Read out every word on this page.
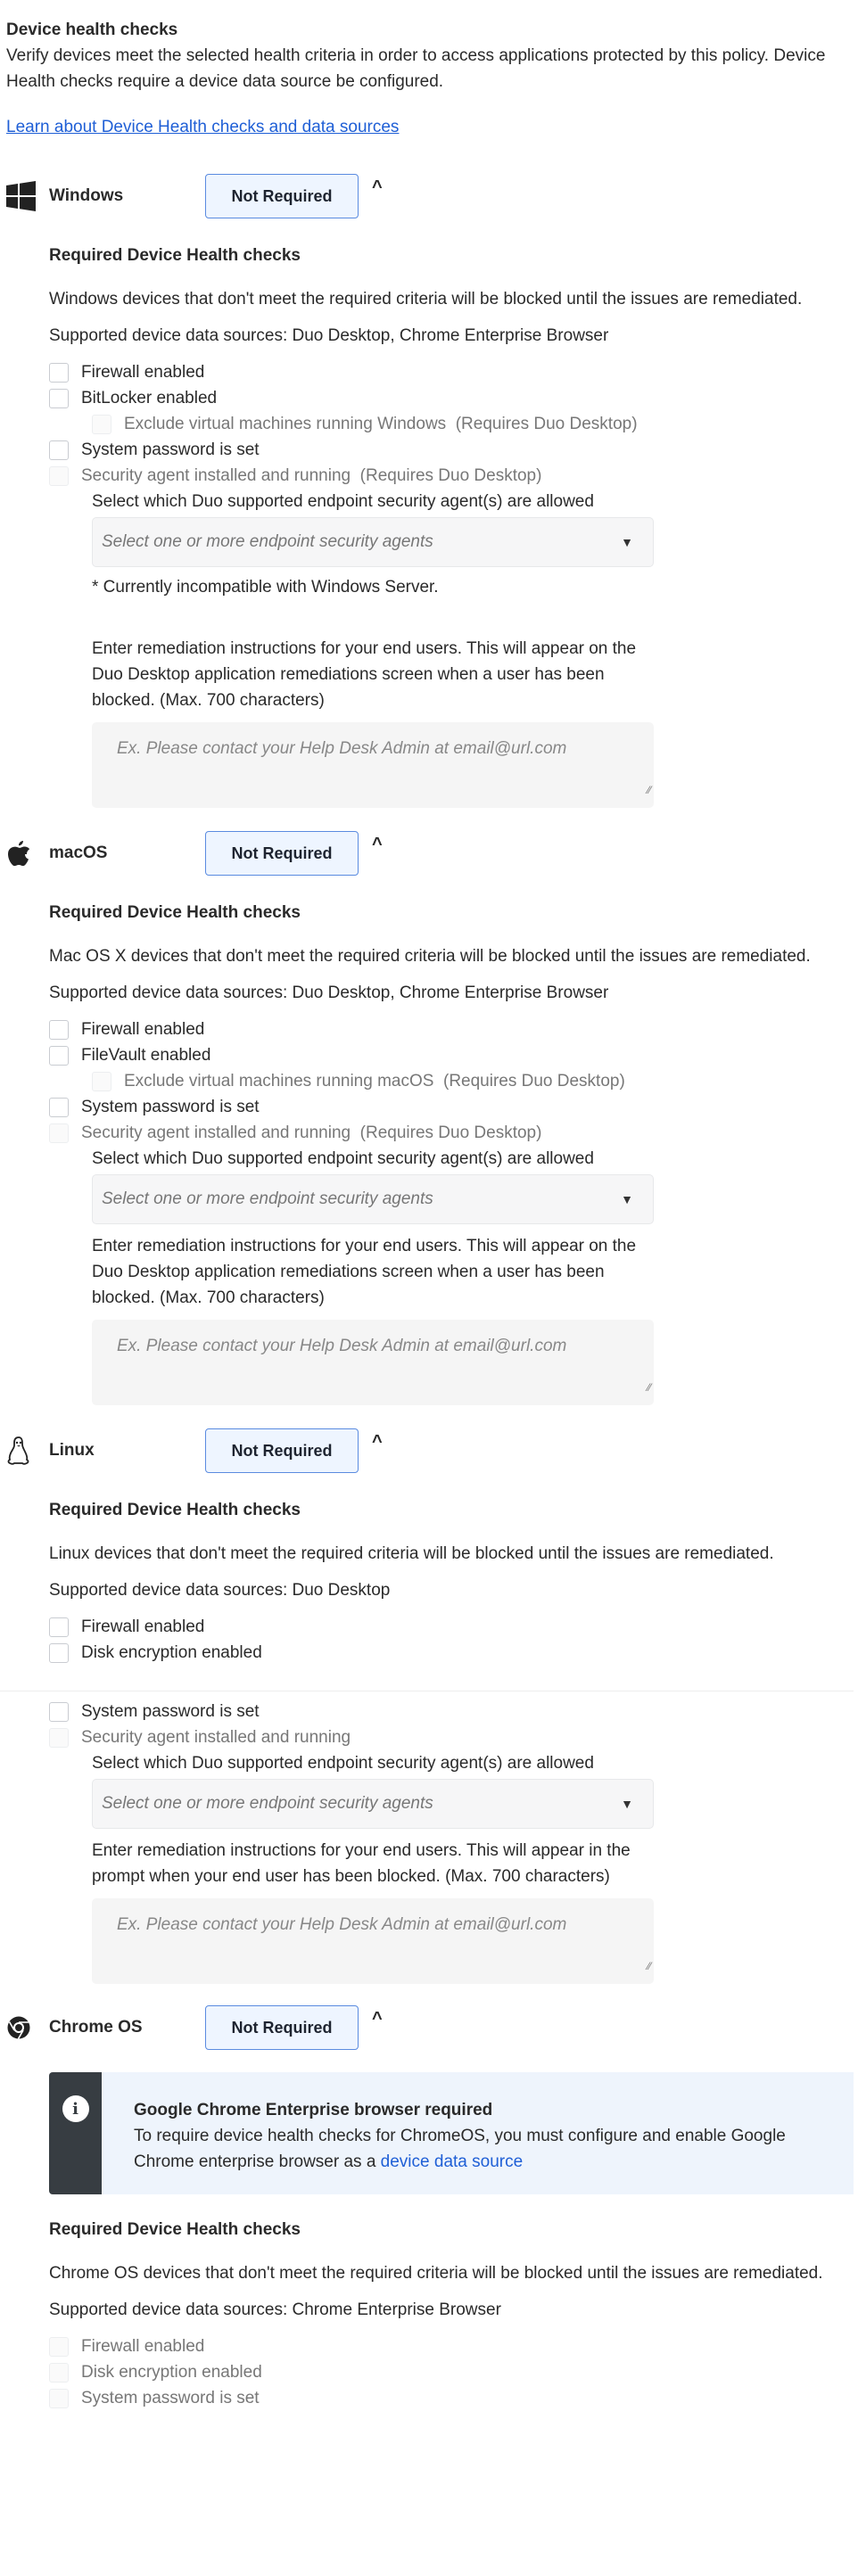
Device health checks
Verify devices meet the selected health criteria in order to access applications protected by this policy. Device Health checks require a device data source be configured.
Learn about Device Health checks and data sources
Windows	Not Required	^
Required Device Health checks
Windows devices that don't meet the required criteria will be blocked until the issues are remediated.
Supported device data sources: Duo Desktop, Chrome Enterprise Browser
Firewall enabled
BitLocker enabled
Exclude virtual machines running Windows (Requires Duo Desktop)
System password is set
Security agent installed and running (Requires Duo Desktop)
Select which Duo supported endpoint security agent(s) are allowed
Select one or more endpoint security agents	▼
* Currently incompatible with Windows Server.
Enter remediation instructions for your end users. This will appear on the Duo Desktop application remediations screen when a user has been blocked. (Max. 700 characters)
Ex. Please contact your Help Desk Admin at email@url.com
⁄⁄
macOS	Not Required	^
Required Device Health checks
Mac OS X devices that don't meet the required criteria will be blocked until the issues are remediated.
Supported device data sources: Duo Desktop, Chrome Enterprise Browser
Firewall enabled
FileVault enabled
Exclude virtual machines running macOS (Requires Duo Desktop)
System password is set
Security agent installed and running (Requires Duo Desktop)
Select which Duo supported endpoint security agent(s) are allowed
Select one or more endpoint security agents	▼
Enter remediation instructions for your end users. This will appear on the Duo Desktop application remediations screen when a user has been blocked. (Max. 700 characters)
Ex. Please contact your Help Desk Admin at email@url.com
⁄⁄
Linux	Not Required	^
Required Device Health checks
Linux devices that don't meet the required criteria will be blocked until the issues are remediated.
Supported device data sources: Duo Desktop
Firewall enabled
Disk encryption enabled
System password is set
Security agent installed and running
Select which Duo supported endpoint security agent(s) are allowed
Select one or more endpoint security agents	▼
Enter remediation instructions for your end users. This will appear in the prompt when your end user has been blocked. (Max. 700 characters)
Ex. Please contact your Help Desk Admin at email@url.com
⁄⁄
Chrome OS	Not Required	^
i	Google Chrome Enterprise browser required
To require device health checks for ChromeOS, you must configure and enable Google Chrome enterprise browser as a device data source
Required Device Health checks
Chrome OS devices that don't meet the required criteria will be blocked until the issues are remediated.
Supported device data sources: Chrome Enterprise Browser
Firewall enabled
Disk encryption enabled
System password is set
